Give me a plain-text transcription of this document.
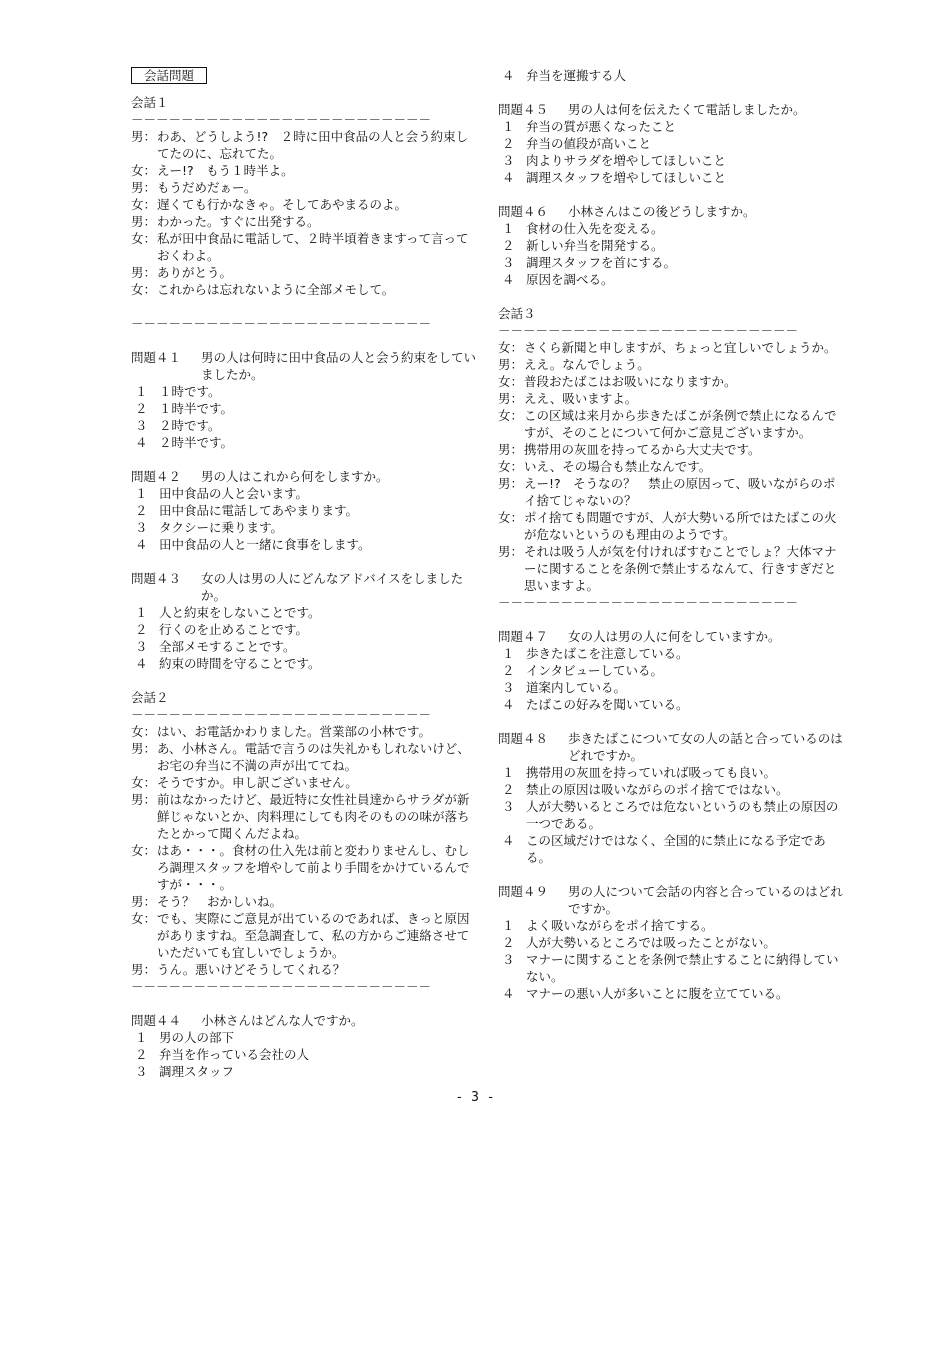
会話問題
会話１
－－－－－－－－－－－－－－－－－－－－－－－－
男： わあ、どうしよう!?　２時に田中食品の人と会う約束してたのに、忘れてた。
女： えー!?　もう１時半よ。
男： もうだめだぁー。
女： 遅くても行かなきゃ。そしてあやまるのよ。
男： わかった。すぐに出発する。
女： 私が田中食品に電話して、２時半頃着きますって言っておくわよ。
男： ありがとう。
女： これからは忘れないように全部メモして。
－－－－－－－－－－－－－－－－－－－－－－－－
問題４１	男の人は何時に田中食品の人と会う約束をしていましたか。
１ １時です。
２ １時半です。
３ ２時です。
４ ２時半です。
問題４２	男の人はこれから何をしますか。
１ 田中食品の人と会います。
２ 田中食品に電話してあやまります。
３ タクシーに乗ります。
４ 田中食品の人と一緒に食事をします。
問題４３	女の人は男の人にどんなアドバイスをしましたか。
１ 人と約束をしないことです。
２ 行くのを止めることです。
３ 全部メモすることです。
４ 約束の時間を守ることです。
会話２
－－－－－－－－－－－－－－－－－－－－－－－－
女： はい、お電話かわりました。営業部の小林です。
男： あ、小林さん。電話で言うのは失礼かもしれないけど、お宅の弁当に不満の声が出ててね。
女： そうですか。申し訳ございません。
男： 前はなかったけど、最近特に女性社員達からサラダが新鮮じゃないとか、肉料理にしても肉そのものの味が落ちたとかって聞くんだよね。
女： はあ・・・。食材の仕入先は前と変わりませんし、むしろ調理スタッフを増やして前より手間をかけているんですが・・・。
男： そう？　おかしいね。
女： でも、実際にご意見が出ているのであれば、きっと原因がありますね。至急調査して、私の方からご連絡させていただいても宜しいでしょうか。
男： うん。悪いけどそうしてくれる？
－－－－－－－－－－－－－－－－－－－－－－－－
問題４４	小林さんはどんな人ですか。
１ 男の人の部下
２ 弁当を作っている会社の人
３ 調理スタッフ
４ 弁当を運搬する人
問題４５	男の人は何を伝えたくて電話しましたか。
１ 弁当の質が悪くなったこと
２ 弁当の値段が高いこと
３ 肉よりサラダを増やしてほしいこと
４ 調理スタッフを増やしてほしいこと
問題４６	小林さんはこの後どうしますか。
１ 食材の仕入先を変える。
２ 新しい弁当を開発する。
３ 調理スタッフを首にする。
４ 原因を調べる。
会話３
－－－－－－－－－－－－－－－－－－－－－－－－
女： さくら新聞と申しますが、ちょっと宜しいでしょうか。
男： ええ。なんでしょう。
女： 普段おたばこはお吸いになりますか。
男： ええ、吸いますよ。
女： この区域は来月から歩きたばこが条例で禁止になるんですが、そのことについて何かご意見ございますか。
男： 携帯用の灰皿を持ってるから大丈夫です。
女： いえ、その場合も禁止なんです。
男： えー!?　そうなの？　禁止の原因って、吸いながらのポイ捨てじゃないの？
女： ポイ捨ても問題ですが、人が大勢いる所ではたばこの火が危ないというのも理由のようです。
男： それは吸う人が気を付ければすむことでしょ？大体マナーに関することを条例で禁止するなんて、行きすぎだと思いますよ。
－－－－－－－－－－－－－－－－－－－－－－－－
問題４７	女の人は男の人に何をしていますか。
１ 歩きたばこを注意している。
２ インタビューしている。
３ 道案内している。
４ たばこの好みを聞いている。
問題４８	歩きたばこについて女の人の話と合っているのはどれですか。
１ 携帯用の灰皿を持っていれば吸っても良い。
２ 禁止の原因は吸いながらのポイ捨てではない。
３ 人が大勢いるところでは危ないというのも禁止の原因の一つである。
４ この区域だけではなく、全国的に禁止になる予定である。
問題４９	男の人について会話の内容と合っているのはどれですか。
１ よく吸いながらをポイ捨てする。
２ 人が大勢いるところでは吸ったことがない。
３ マナーに関することを条例で禁止することに納得していない。
４ マナーの悪い人が多いことに腹を立てている。
- 3 -
